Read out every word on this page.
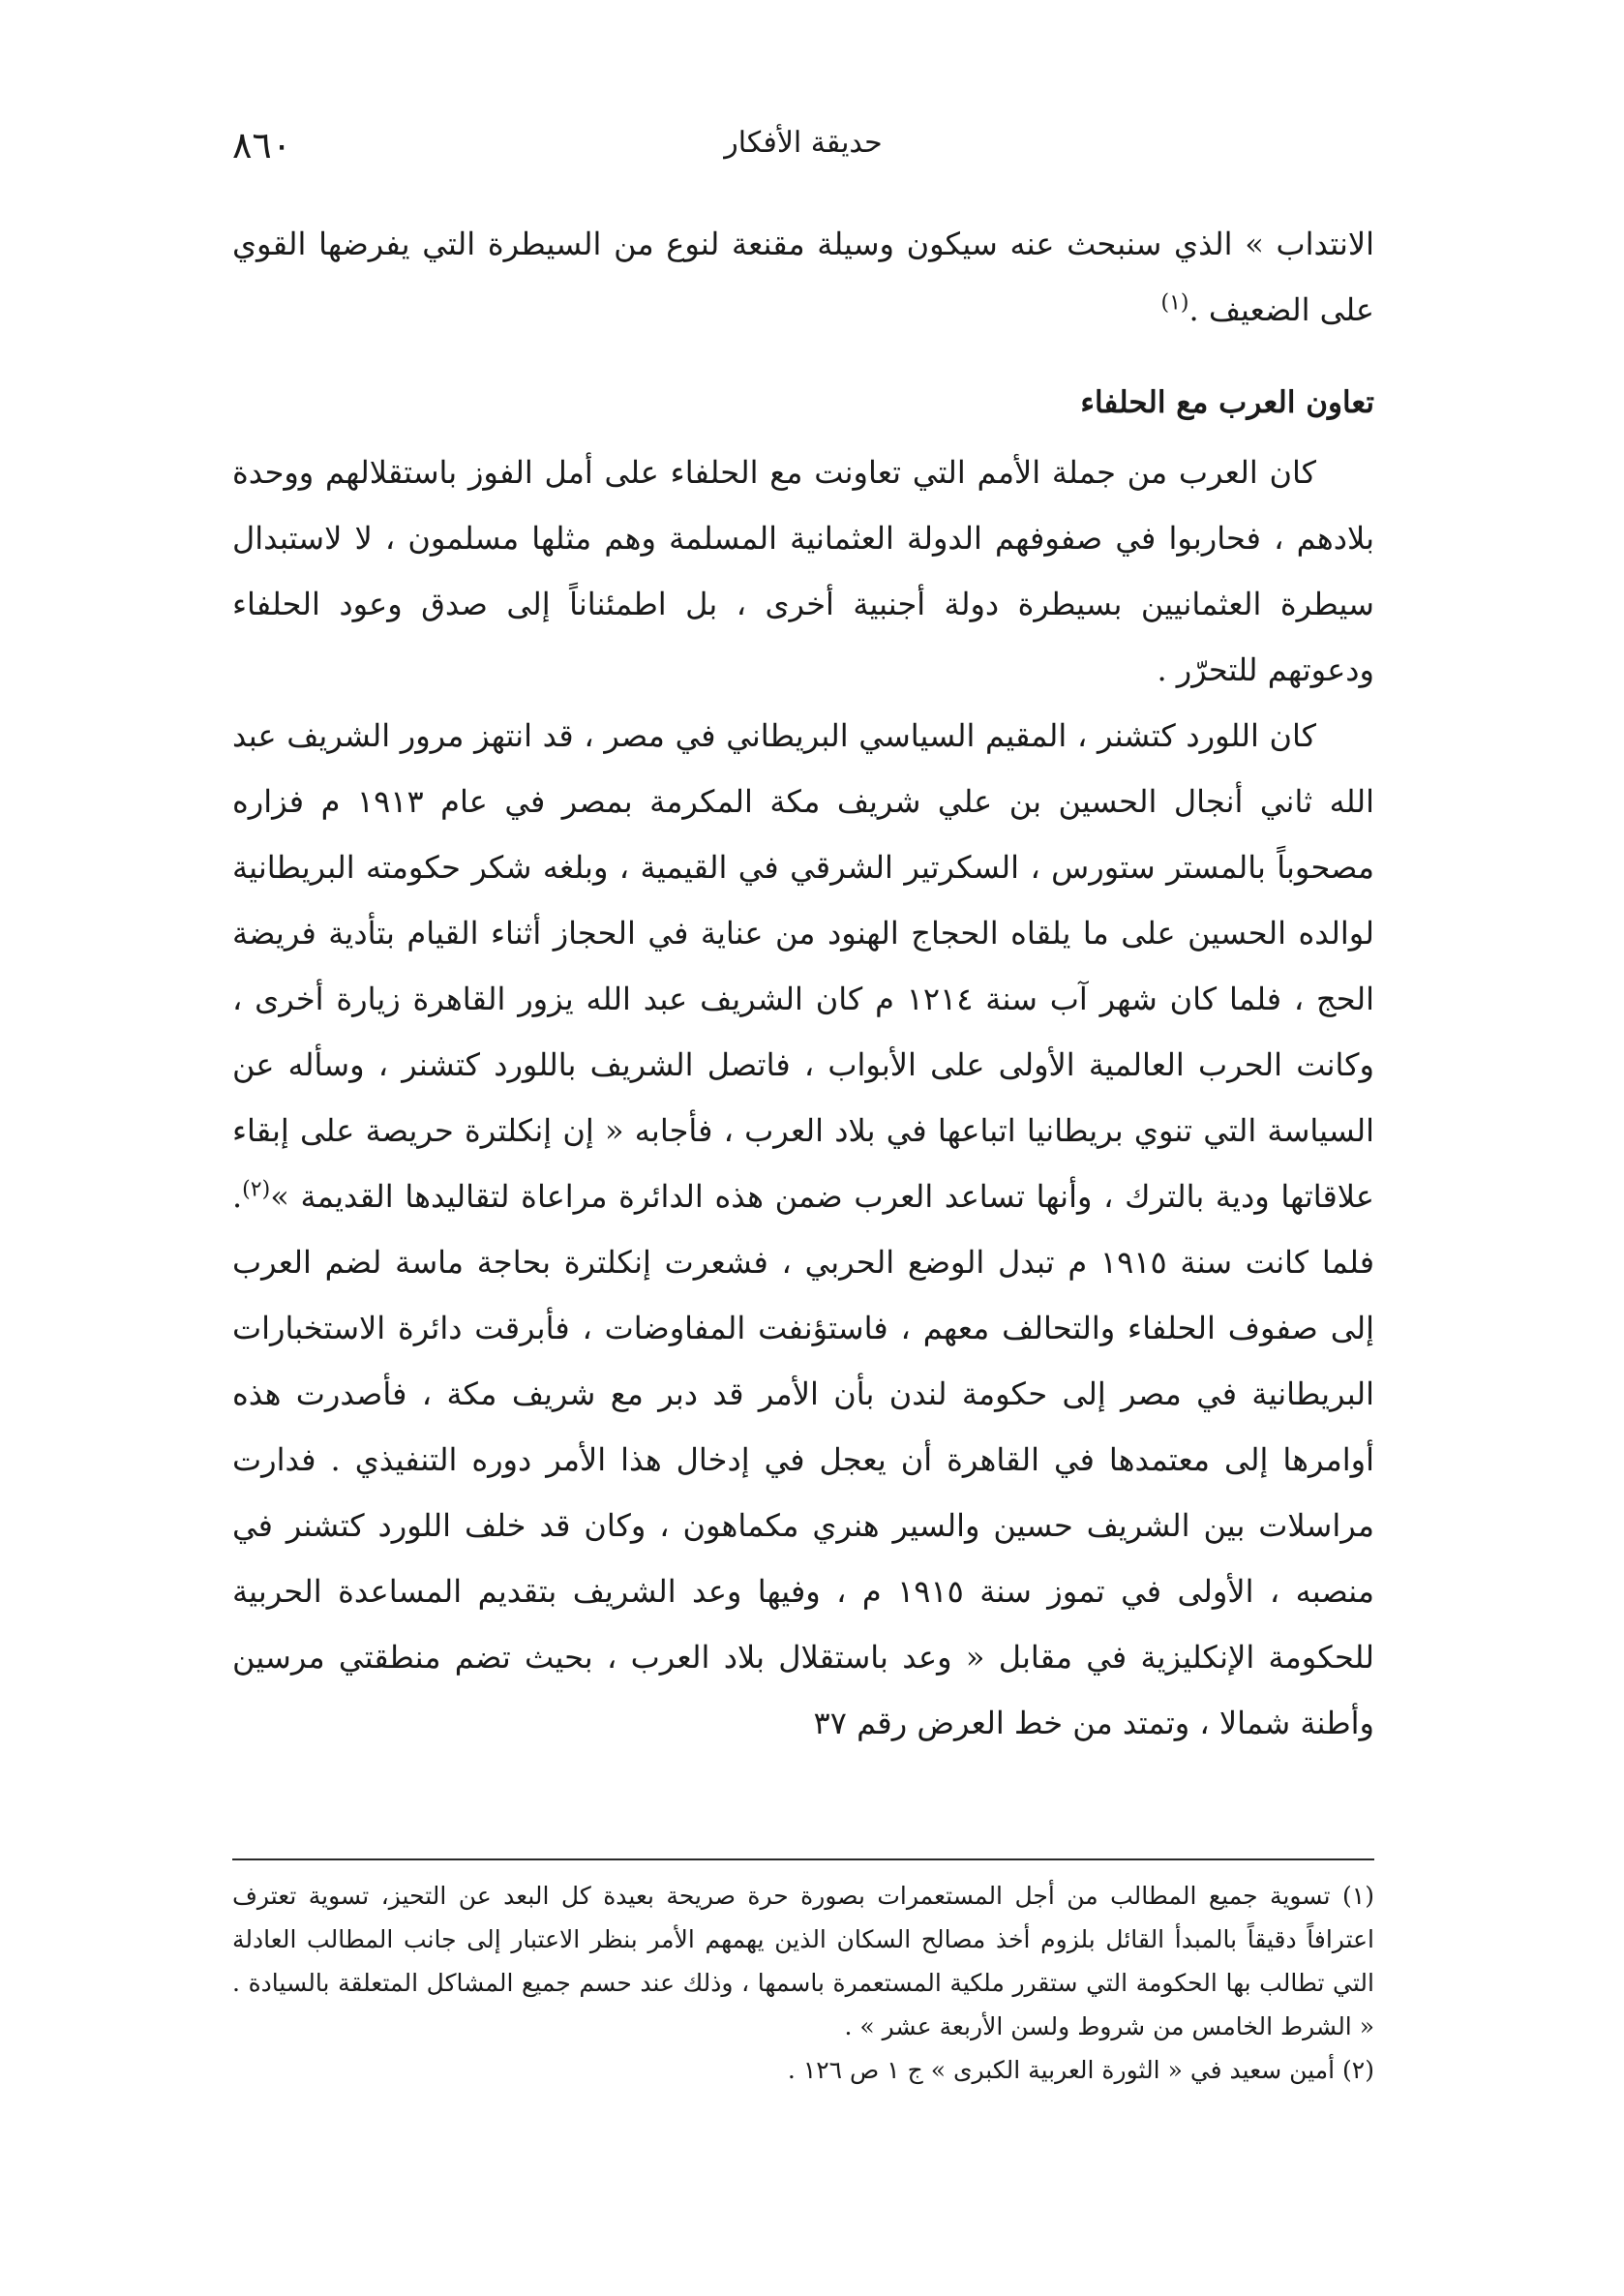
٨٦٠	حديقة الأفكار

الانتداب » الذي سنبحث عنه سيكون وسيلة مقنعة لنوع من السيطرة التي يفرضها القوي على الضعيف .$^{(١)}$

تعاون العرب مع الحلفاء

كان العرب من جملة الأمم التي تعاونت مع الحلفاء على أمل الفوز باستقلالهم ووحدة بلادهم ، فحاربوا في صفوفهم الدولة العثمانية المسلمة وهم مثلها مسلمون ، لا لاستبدال سيطرة العثمانيين بسيطرة دولة أجنبية أخرى ، بل اطمئناناً إلى صدق وعود الحلفاء ودعوتهم للتحرّر .

كان اللورد كتشنر ، المقيم السياسي البريطاني في مصر ، قد انتهز مرور الشريف عبد الله ثاني أنجال الحسين بن علي شريف مكة المكرمة بمصر في عام ١٩١٣ م فزاره مصحوباً بالمستر ستورس ، السكرتير الشرقي في القيمية ، وبلغه شكر حكومته البريطانية لوالده الحسين على ما يلقاه الحجاج الهنود من عناية في الحجاز أثناء القيام بتأدية فريضة الحج ، فلما كان شهر آب سنة ١٢١٤ م كان الشريف عبد الله يزور القاهرة زيارة أخرى ، وكانت الحرب العالمية الأولى على الأبواب ، فاتصل الشريف باللورد كتشنر ، وسأله عن السياسة التي تنوي بريطانيا اتباعها في بلاد العرب ، فأجابه « إن إنكلترة حريصة على إبقاء علاقاتها ودية بالترك ، وأنها تساعد العرب ضمن هذه الدائرة مراعاة لتقاليدها القديمة »$^{(٢)}$. فلما كانت سنة ١٩١٥ م تبدل الوضع الحربي ، فشعرت إنكلترة بحاجة ماسة لضم العرب إلى صفوف الحلفاء والتحالف معهم ، فاستؤنفت المفاوضات ، فأبرقت دائرة الاستخبارات البريطانية في مصر إلى حكومة لندن بأن الأمر قد دبر مع شريف مكة ، فأصدرت هذه أوامرها إلى معتمدها في القاهرة أن يعجل في إدخال هذا الأمر دوره التنفيذي . فدارت مراسلات بين الشريف حسين والسير هنري مكماهون ، وكان قد خلف اللورد كتشنر في منصبه ، الأولى في تموز سنة ١٩١٥ م ، وفيها وعد الشريف بتقديم المساعدة الحربية للحكومة الإنكليزية في مقابل « وعد باستقلال بلاد العرب ، بحيث تضم منطقتي مرسين وأطنة شمالا ، وتمتد من خط العرض رقم ٣٧

(١) تسوية جميع المطالب من أجل المستعمرات بصورة حرة صريحة بعيدة كل البعد عن التحيز، تسوية تعترف اعترافاً دقيقاً بالمبدأ القائل بلزوم أخذ مصالح السكان الذين يهمهم الأمر بنظر الاعتبار إلى جانب المطالب العادلة التي تطالب بها الحكومة التي ستقرر ملكية المستعمرة باسمها ، وذلك عند حسم جميع المشاكل المتعلقة بالسيادة . « الشرط الخامس من شروط ولسن الأربعة عشر » .

(٢) أمين سعيد في « الثورة العربية الكبرى » ج ١ ص ١٢٦ .
